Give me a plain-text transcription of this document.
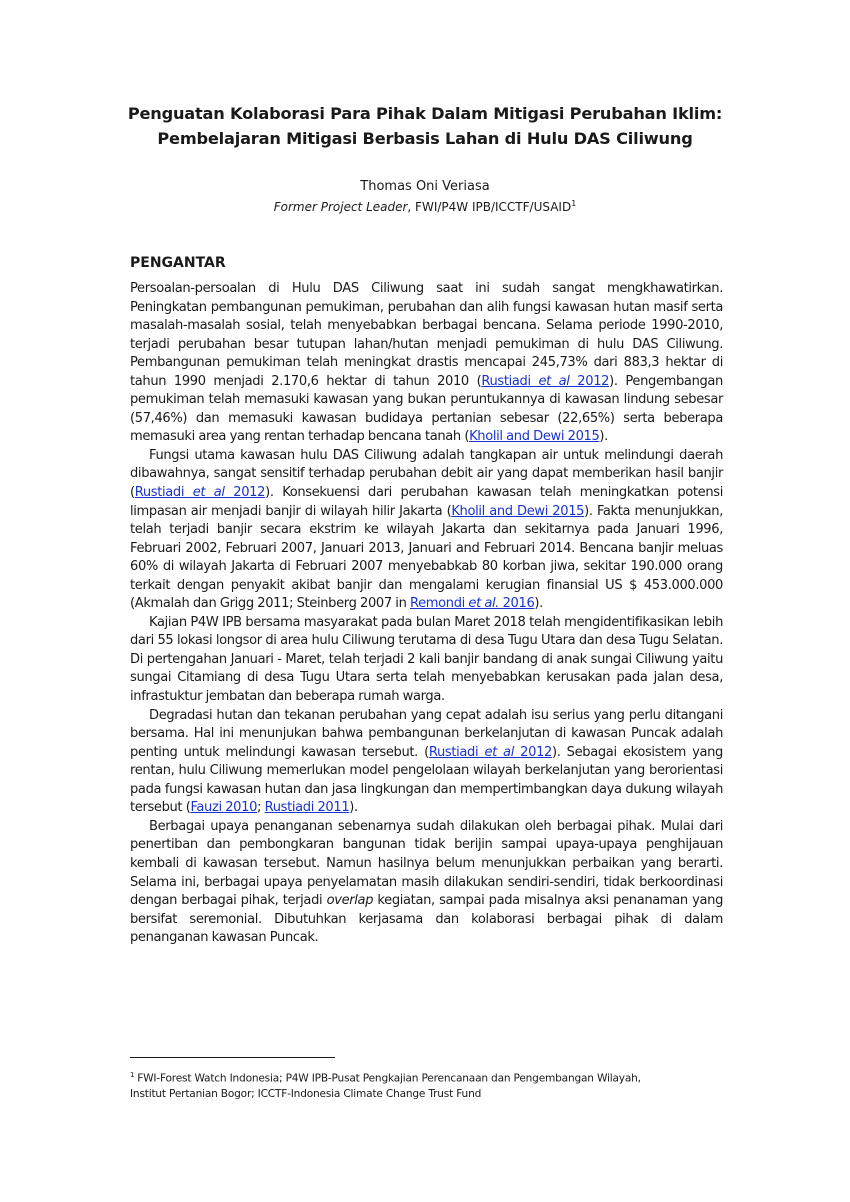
Penguatan Kolaborasi Para Pihak Dalam Mitigasi Perubahan Iklim:
Pembelajaran Mitigasi Berbasis Lahan di Hulu DAS Ciliwung
Thomas Oni Veriasa
Former Project Leader, FWI/P4W IPB/ICCTF/USAID$^1$
PENGANTAR

Persoalan-persoalan di Hulu DAS Ciliwung saat ini sudah sangat mengkhawatirkan. Peningkatan pembangunan pemukiman, perubahan dan alih fungsi kawasan hutan masif serta masalah-masalah sosial, telah menyebabkan berbagai bencana. Selama periode 1990-2010, terjadi perubahan besar tutupan lahan/hutan menjadi pemukiman di hulu DAS Ciliwung. Pembangunan pemukiman telah meningkat drastis mencapai 245,73% dari 883,3 hektar di tahun 1990 menjadi 2.170,6 hektar di tahun 2010 (Rustiadi et al 2012). Pengembangan pemukiman telah memasuki kawasan yang bukan peruntukannya di kawasan lindung sebesar (57,46%) dan memasuki kawasan budidaya pertanian sebesar (22,65%) serta beberapa memasuki area yang rentan terhadap bencana tanah (Kholil and Dewi 2015).

Fungsi utama kawasan hulu DAS Ciliwung adalah tangkapan air untuk melindungi daerah dibawahnya, sangat sensitif terhadap perubahan debit air yang dapat memberikan hasil banjir (Rustiadi et al 2012). Konsekuensi dari perubahan kawasan telah meningkatkan potensi limpasan air menjadi banjir di wilayah hilir Jakarta (Kholil and Dewi 2015). Fakta menunjukkan, telah terjadi banjir secara ekstrim ke wilayah Jakarta dan sekitarnya pada Januari 1996, Februari 2002, Februari 2007, Januari 2013, Januari and Februari 2014. Bencana banjir meluas 60% di wilayah Jakarta di Februari 2007 menyebabkab 80 korban jiwa, sekitar 190.000 orang terkait dengan penyakit akibat banjir dan mengalami kerugian finansial US $ 453.000.000 (Akmalah dan Grigg 2011; Steinberg 2007 in Remondi et al. 2016).

Kajian P4W IPB bersama masyarakat pada bulan Maret 2018 telah mengidentifikasikan lebih dari 55 lokasi longsor di area hulu Ciliwung terutama di desa Tugu Utara dan desa Tugu Selatan. Di pertengahan Januari - Maret, telah terjadi 2 kali banjir bandang di anak sungai Ciliwung yaitu sungai Citamiang di desa Tugu Utara serta telah menyebabkan kerusakan pada jalan desa, infrastuktur jembatan dan beberapa rumah warga.

Degradasi hutan dan tekanan perubahan yang cepat adalah isu serius yang perlu ditangani bersama. Hal ini menunjukan bahwa pembangunan berkelanjutan di kawasan Puncak adalah penting untuk melindungi kawasan tersebut. (Rustiadi et al 2012). Sebagai ekosistem yang rentan, hulu Ciliwung memerlukan model pengelolaan wilayah berkelanjutan yang berorientasi pada fungsi kawasan hutan dan jasa lingkungan dan mempertimbangkan daya dukung wilayah tersebut (Fauzi 2010; Rustiadi 2011).

Berbagai upaya penanganan sebenarnya sudah dilakukan oleh berbagai pihak. Mulai dari penertiban dan pembongkaran bangunan tidak berijin sampai upaya-upaya penghijauan kembali di kawasan tersebut. Namun hasilnya belum menunjukkan perbaikan yang berarti. Selama ini, berbagai upaya penyelamatan masih dilakukan sendiri-sendiri, tidak berkoordinasi dengan berbagai pihak, terjadi overlap kegiatan, sampai pada misalnya aksi penanaman yang bersifat seremonial. Dibutuhkan kerjasama dan kolaborasi berbagai pihak di dalam penanganan kawasan Puncak.

$^1$ FWI-Forest Watch Indonesia; P4W IPB-Pusat Pengkajian Perencanaan dan Pengembangan Wilayah,
Institut Pertanian Bogor; ICCTF-Indonesia Climate Change Trust Fund
